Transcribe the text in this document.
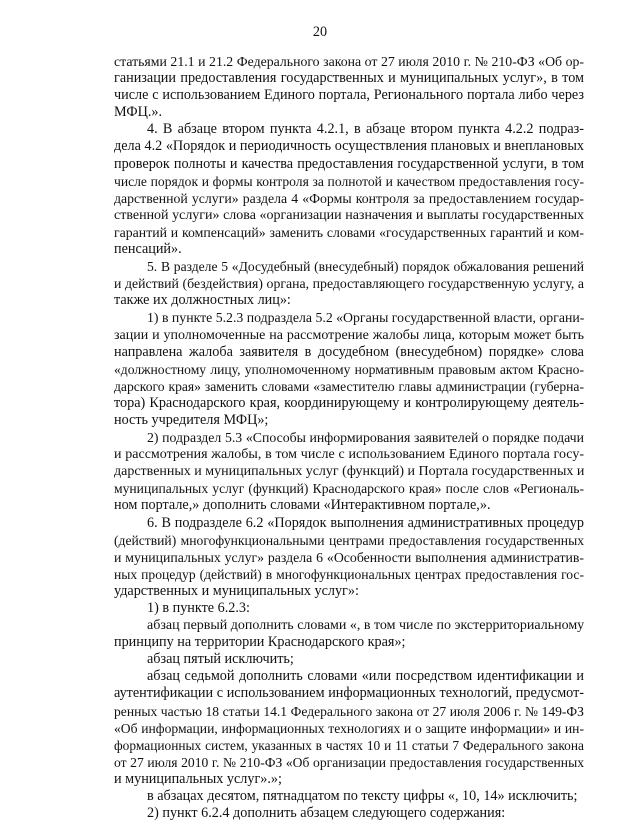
20
статьями 21.1 и 21.2 Федерального закона от 27 июля 2010 г. № 210-ФЗ «Об ор-
ганизации предоставления государственных и муниципальных услуг», в том
числе с использованием Единого портала, Регионального портала либо через
МФЦ.».
4. В абзаце втором пункта 4.2.1, в абзаце втором пункта 4.2.2 подраз-
дела 4.2 «Порядок и периодичность осуществления плановых и внеплановых
проверок полноты и качества предоставления государственной услуги, в том
числе порядок и формы контроля за полнотой и качеством предоставления госу-
дарственной услуги» раздела 4 «Формы контроля за предоставлением государ-
ственной услуги» слова «организации назначения и выплаты государственных
гарантий и компенсаций» заменить словами «государственных гарантий и ком-
пенсаций».
5. В разделе 5 «Досудебный (внесудебный) порядок обжалования решений
и действий (бездействия) органа, предоставляющего государственную услугу, а
также их должностных лиц»:
1) в пункте 5.2.3 подраздела 5.2 «Органы государственной власти, органи-
зации и уполномоченные на рассмотрение жалобы лица, которым может быть
направлена жалоба заявителя в досудебном (внесудебном) порядке» слова
«должностному лицу, уполномоченному нормативным правовым актом Красно-
дарского края» заменить словами «заместителю главы администрации (губерна-
тора) Краснодарского края, координирующему и контролирующему деятель-
ность учредителя МФЦ»;
2) подраздел 5.3 «Способы информирования заявителей о порядке подачи
и рассмотрения жалобы, в том числе с использованием Единого портала госу-
дарственных и муниципальных услуг (функций) и Портала государственных и
муниципальных услуг (функций) Краснодарского края» после слов «Региональ-
ном портале,» дополнить словами «Интерактивном портале,».
6. В подразделе 6.2 «Порядок выполнения административных процедур
(действий) многофункциональными центрами предоставления государственных
и муниципальных услуг» раздела 6 «Особенности выполнения административ-
ных процедур (действий) в многофункциональных центрах предоставления гос-
ударственных и муниципальных услуг»:
1) в пункте 6.2.3:
абзац первый дополнить словами «, в том числе по экстерриториальному
принципу на территории Краснодарского края»;
абзац пятый исключить;
абзац седьмой дополнить словами «или посредством идентификации и
аутентификации с использованием информационных технологий, предусмот-
ренных частью 18 статьи 14.1 Федерального закона от 27 июля 2006 г. № 149-ФЗ
«Об информации, информационных технологиях и о защите информации» и ин-
формационных систем, указанных в частях 10 и 11 статьи 7 Федерального закона
от 27 июля 2010 г. № 210-ФЗ «Об организации предоставления государственных
и муниципальных услуг».»;
в абзацах десятом, пятнадцатом по тексту цифры «, 10, 14» исключить;
2) пункт 6.2.4 дополнить абзацем следующего содержания:
